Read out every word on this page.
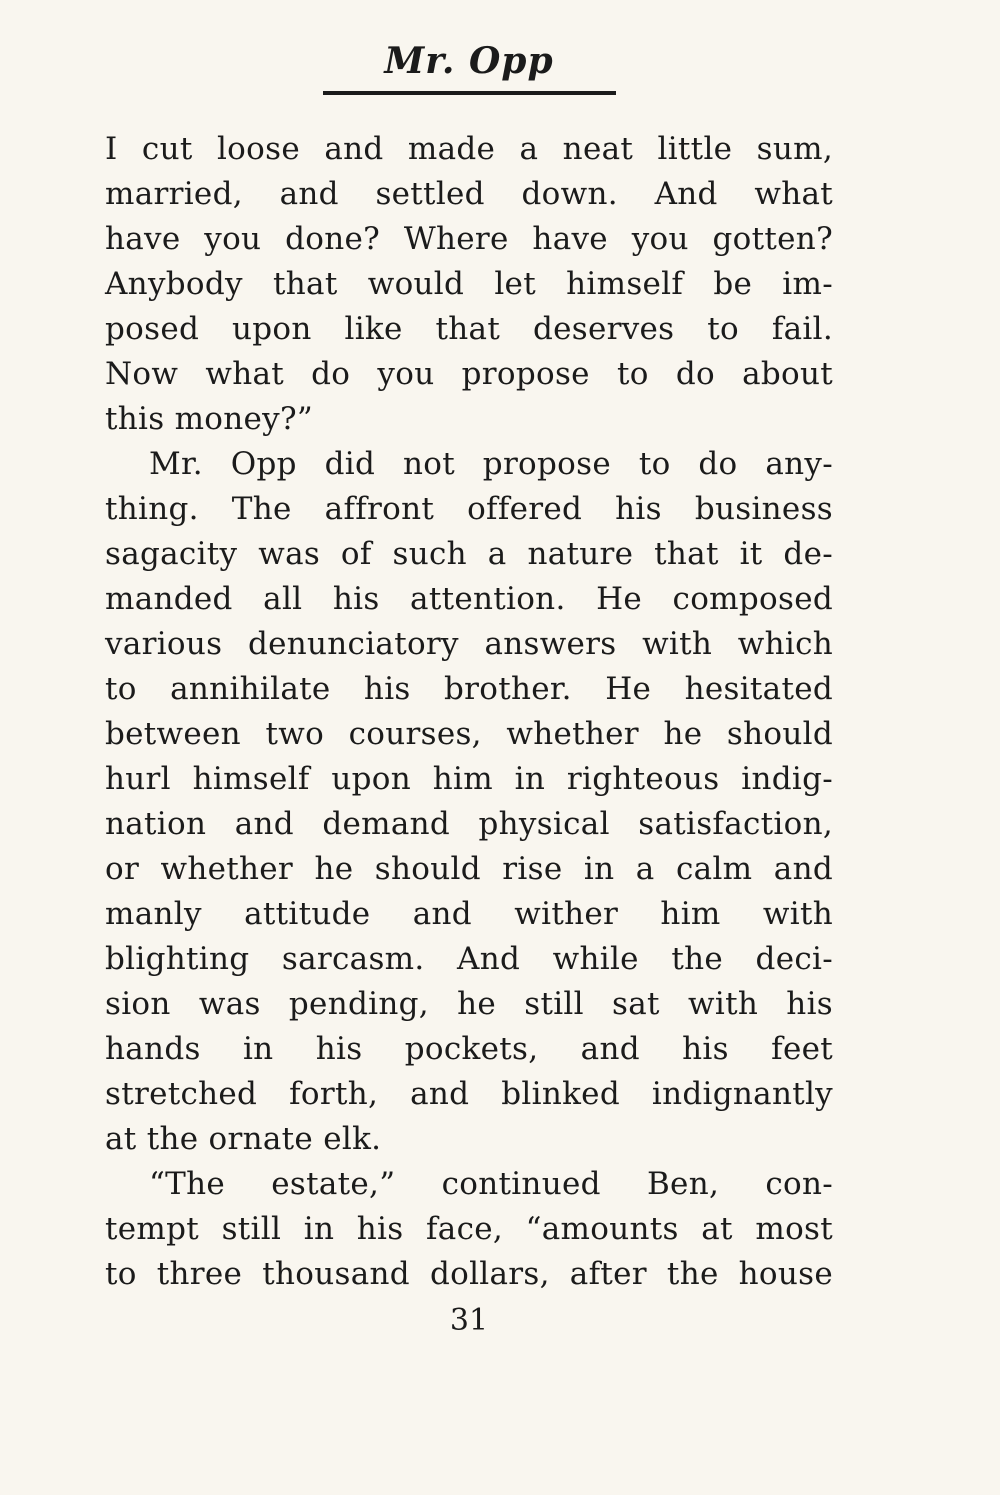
Mr. Opp
I cut loose and made a neat little sum,
married, and settled down. And what
have you done? Where have you gotten?
Anybody that would let himself be im-
posed upon like that deserves to fail.
Now what do you propose to do about
this money?”
Mr. Opp did not propose to do any-
thing. The affront offered his business
sagacity was of such a nature that it de-
manded all his attention. He composed
various denunciatory answers with which
to annihilate his brother. He hesitated
between two courses, whether he should
hurl himself upon him in righteous indig-
nation and demand physical satisfaction,
or whether he should rise in a calm and
manly attitude and wither him with
blighting sarcasm. And while the deci-
sion was pending, he still sat with his
hands in his pockets, and his feet
stretched forth, and blinked indignantly
at the ornate elk.
“The estate,” continued Ben, con-
tempt still in his face, “amounts at most
to three thousand dollars, after the house
31
